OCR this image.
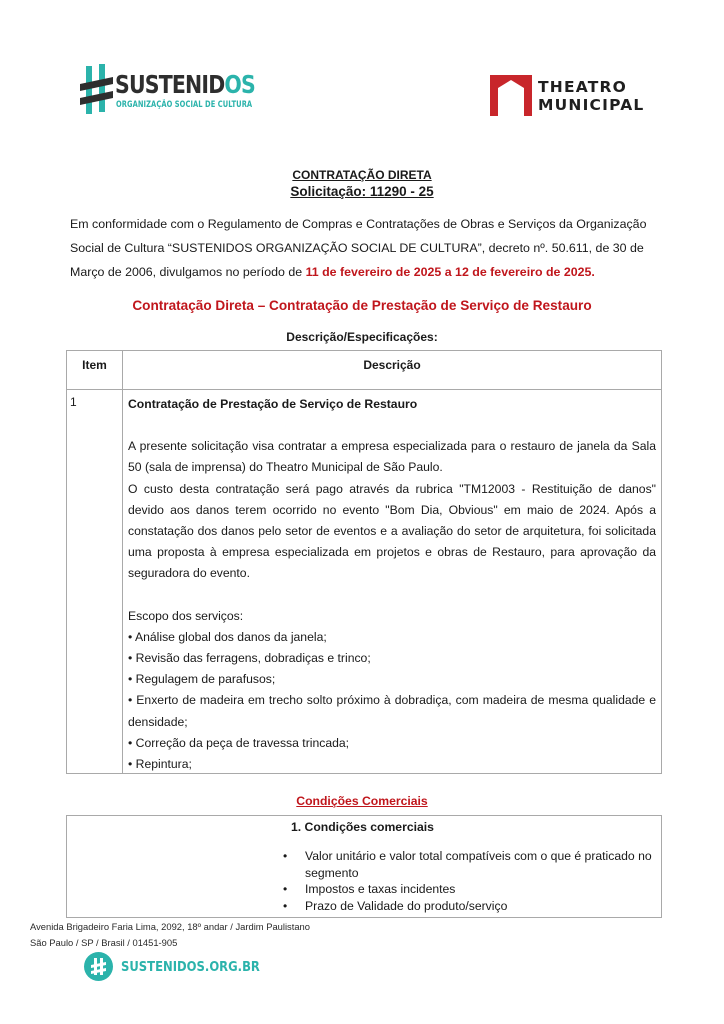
SUSTENIDOS
ORGANIZAÇÃO SOCIAL DE CULTURA
THEATRO
MUNICIPAL
CONTRATAÇÃO DIRETA
Solicitação: 11290 - 25

Em conformidade com o Regulamento de Compras e Contratações de Obras e Serviços da Organização Social de Cultura “SUSTENIDOS ORGANIZAÇÃO SOCIAL DE CULTURA”, decreto nº. 50.611, de 30 de Março de 2006, divulgamos no período de 11 de fevereiro de 2025 a 12 de fevereiro de 2025.

Contratação Direta – Contratação de Prestação de Serviço de Restauro
Descrição/Especificações:
Item	Descrição
1	Contratação de Prestação de Serviço de Restauro
A presente solicitação visa contratar a empresa especializada para o restauro de janela da Sala 50 (sala de imprensa) do Theatro Municipal de São Paulo.
O custo desta contratação será pago através da rubrica "TM12003 - Restituição de danos" devido aos danos terem ocorrido no evento "Bom Dia, Obvious" em maio de 2024. Após a constatação dos danos pelo setor de eventos e a avaliação do setor de arquitetura, foi solicitada uma proposta à empresa especializada em projetos e obras de Restauro, para aprovação da seguradora do evento.
Escopo dos serviços:
• Análise global dos danos da janela;
• Revisão das ferragens, dobradiças e trinco;
• Regulagem de parafusos;
• Enxerto de madeira em trecho solto próximo à dobradiça, com madeira de mesma qualidade e densidade;
• Correção da peça de travessa trincada;
• Repintura;
Condições Comerciais
1. Condições comerciais
• Valor unitário e valor total compatíveis com o que é praticado no segmento
• Impostos e taxas incidentes
• Prazo de Validade do produto/serviço
Avenida Brigadeiro Faria Lima, 2092, 18º andar / Jardim Paulistano
São Paulo / SP / Brasil / 01451-905
SUSTENIDOS.ORG.BR
